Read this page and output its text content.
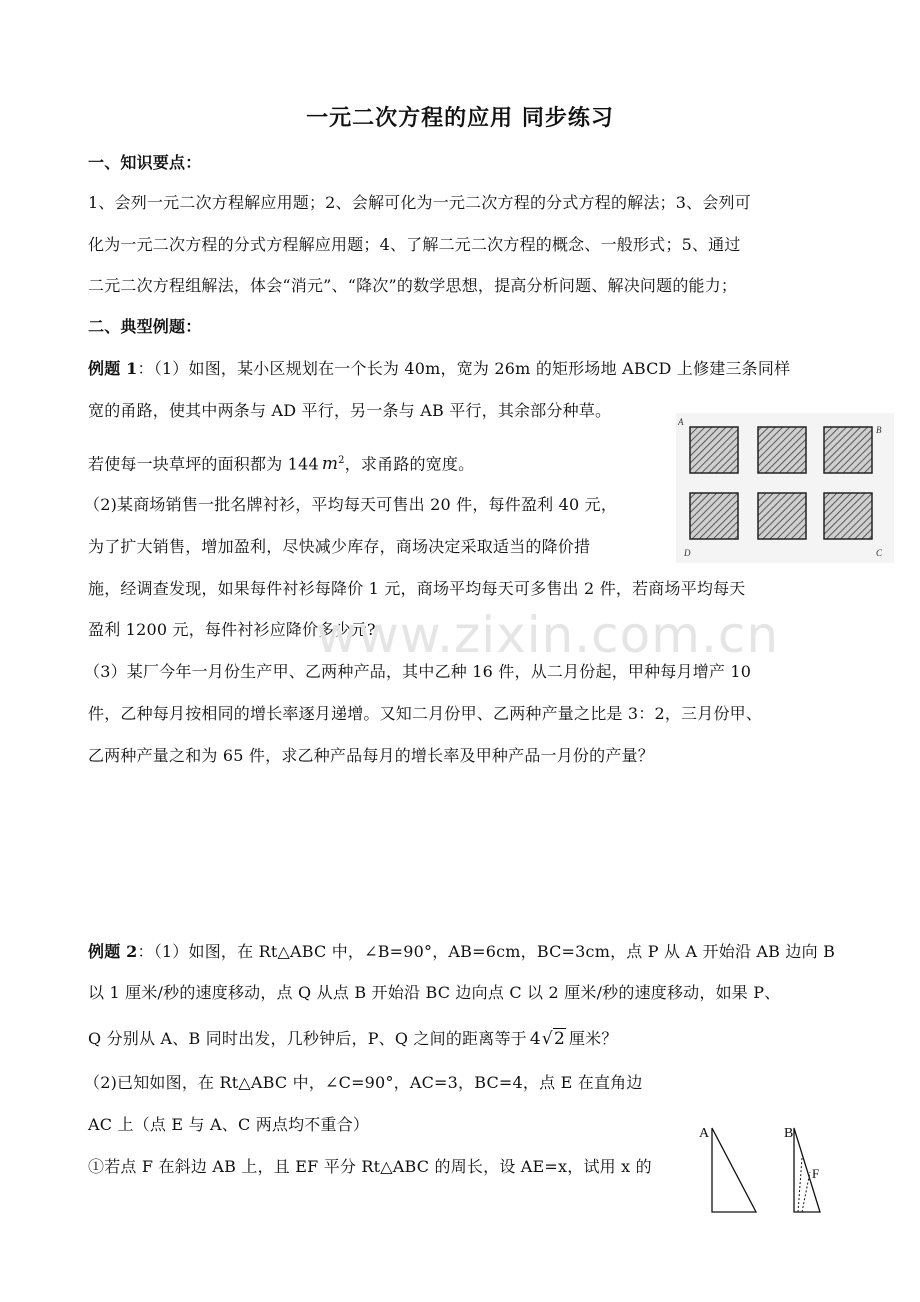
一元二次方程的应用 同步练习
一、知识要点：
1、会列一元二次方程解应用题；2、会解可化为一元二次方程的分式方程的解法；3、会列可
化为一元二次方程的分式方程解应用题；4、了解二元二次方程的概念、一般形式；5、通过
二元二次方程组解法，体会“消元”、“降次”的数学思想，提高分析问题、解决问题的能力；
二、典型例题：
例题 1：（1）如图，某小区规划在一个长为 40m，宽为 26m 的矩形场地 ABCD 上修建三条同样
宽的甬路，使其中两条与 AD 平行，另一条与 AB 平行，其余部分种草。
若使每一块草坪的面积都为 144 $m^2$，求甬路的宽度。
（2)某商场销售一批名牌衬衫，平均每天可售出 20 件，每件盈利 40 元，
为了扩大销售，增加盈利，尽快减少库存，商场决定采取适当的降价措
施，经调查发现，如果每件衬衫每降价 1 元，商场平均每天可多售出 2 件，若商场平均每天
盈利 1200 元，每件衬衫应降价多少元?
（3）某厂今年一月份生产甲、乙两种产品，其中乙种 16 件，从二月份起，甲种每月增产 10
件，乙种每月按相同的增长率逐月递增。又知二月份甲、乙两种产量之比是 3：2，三月份甲、
乙两种产量之和为 65 件，求乙种产品每月的增长率及甲种产品一月份的产量？
www.zixin.com.cn
A
B
D	C
例题 2：（1）如图，在 Rt△ABC 中，∠B=90°，AB=6cm，BC=3cm，点 P 从 A 开始沿 AB 边向 B
以 1 厘米/秒的速度移动，点 Q 从点 B 开始沿 BC 边向点 C 以 2 厘米/秒的速度移动，如果 P、
Q 分别从 A、B 同时出发，几秒钟后，P、Q 之间的距离等于 4√2 厘米？
（2)已知如图，在 Rt△ABC 中，∠C=90°，AC=3，BC=4，点 E 在直角边
AC 上（点 E 与 A、C 两点均不重合）
①若点 F 在斜边 AB 上，且 EF 平分 Rt△ABC 的周长，设 AE=x，试用 x 的
A	B
F
